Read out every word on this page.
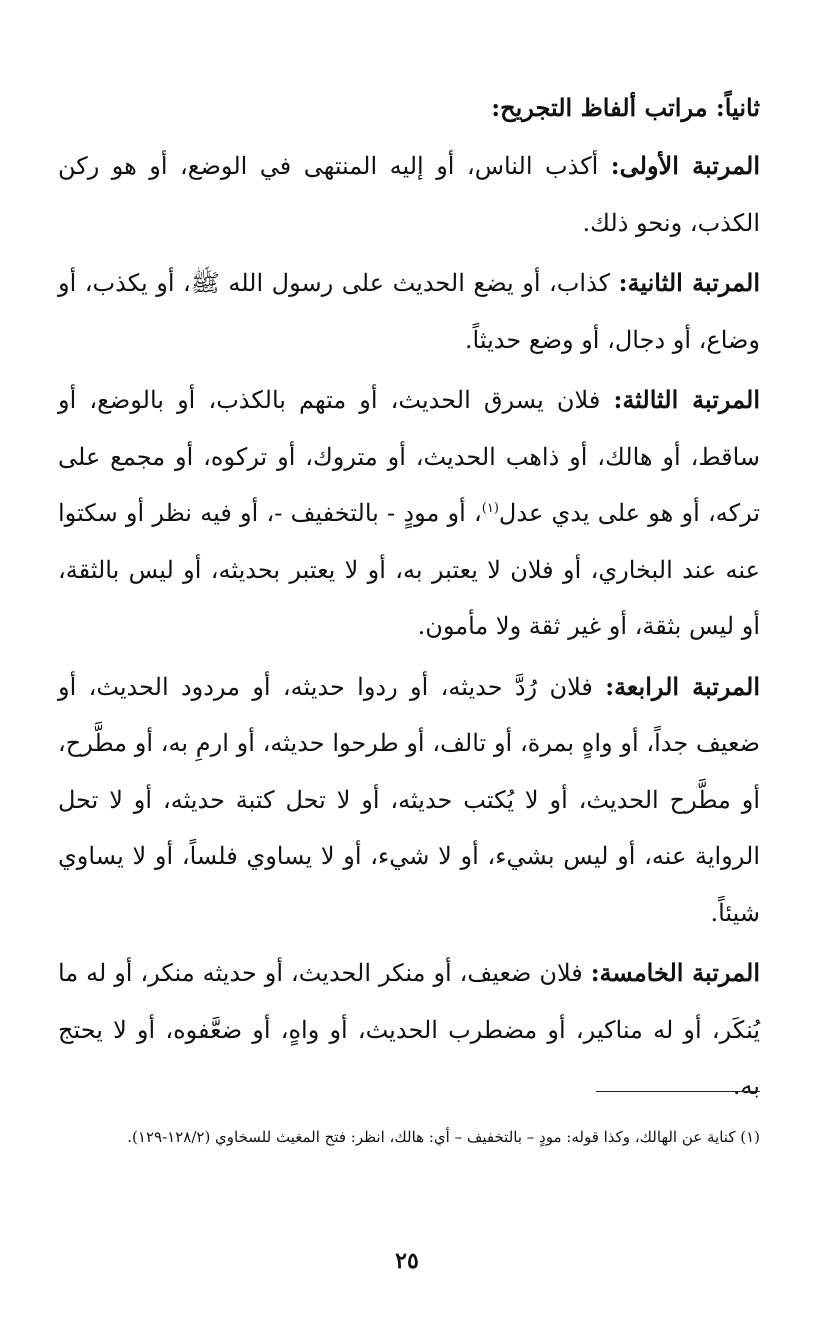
ثانياً: مراتب ألفاظ التجريح:

المرتبة الأولى: أكذب الناس، أو إليه المنتهى في الوضع، أو هو ركن الكذب، ونحو ذلك.

المرتبة الثانية: كذاب، أو يضع الحديث على رسول الله ﷺ، أو يكذب، أو وضاع، أو دجال، أو وضع حديثاً.

المرتبة الثالثة: فلان يسرق الحديث، أو متهم بالكذب، أو بالوضع، أو ساقط، أو هالك، أو ذاهب الحديث، أو متروك، أو تركوه، أو مجمع على تركه، أو هو على يدي عدل$^{(١)}$، أو مودٍ - بالتخفيف -، أو فيه نظر أو سكتوا عنه عند البخاري، أو فلان لا يعتبر به، أو لا يعتبر بحديثه، أو ليس بالثقة، أو ليس بثقة، أو غير ثقة ولا مأمون.

المرتبة الرابعة: فلان رُدَّ حديثه، أو ردوا حديثه، أو مردود الحديث، أو ضعيف جداً، أو واهٍ بمرة، أو تالف، أو طرحوا حديثه، أو ارمِ به، أو مطَّرح، أو مطَّرح الحديث، أو لا يُكتب حديثه، أو لا تحل كتبة حديثه، أو لا تحل الرواية عنه، أو ليس بشيء، أو لا شيء، أو لا يساوي فلساً، أو لا يساوي شيئاً.

المرتبة الخامسة: فلان ضعيف، أو منكر الحديث، أو حديثه منكر، أو له ما يُنكَر، أو له مناكير، أو مضطرب الحديث، أو واهٍ، أو ضعَّفوه، أو لا يحتج به.

(١) كناية عن الهالك، وكذا قوله: مودٍ – بالتخفيف – أي: هالك، انظر: فتح المغيث للسخاوي (١٢٨/٢-١٢٩).
٢٥
